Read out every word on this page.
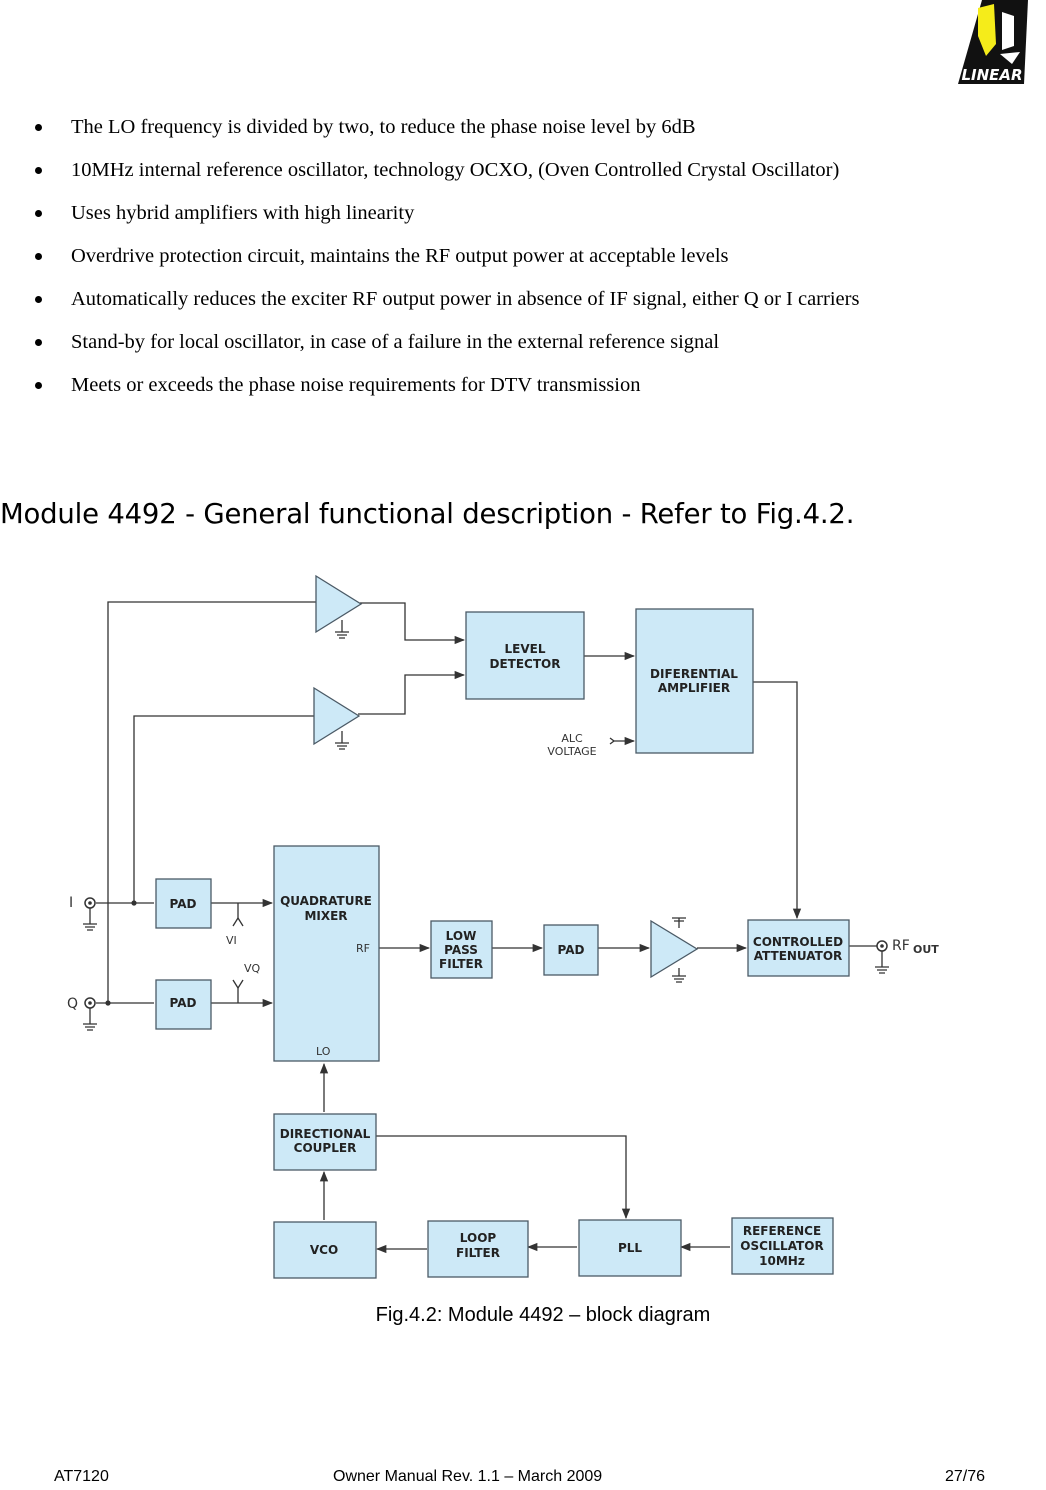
LINEAR
The LO frequency is divided by two, to reduce the phase noise level by 6dB
10MHz internal reference oscillator, technology OCXO, (Oven Controlled Crystal Oscillator)
Uses hybrid amplifiers with high linearity
Overdrive protection circuit, maintains the RF output power at acceptable levels
Automatically reduces the exciter RF output power in absence of IF signal, either Q or I carriers
Stand-by for local oscillator, in case of a failure in the external reference signal
Meets or exceeds the phase noise requirements for DTV transmission
Module 4492 - General functional description - Refer to Fig.4.2.
LEVEL
DETECTOR
DIFERENTIAL
AMPLIFIER
PAD
PAD
QUADRATURE
MIXER
RF
LO
LOW
PASS
FILTER
PAD
CONTROLLED
ATTENUATOR
DIRECTIONAL
COUPLER
VCO
LOOP
FILTER	PLL
REFERENCE
OSCILLATOR
10MHz
ALC
VOLTAGE
I
Q
VI
VQ
RF OUT
Fig.4.2: Module 4492 – block diagram
AT7120	Owner Manual Rev. 1.1 – March 2009	27/76
